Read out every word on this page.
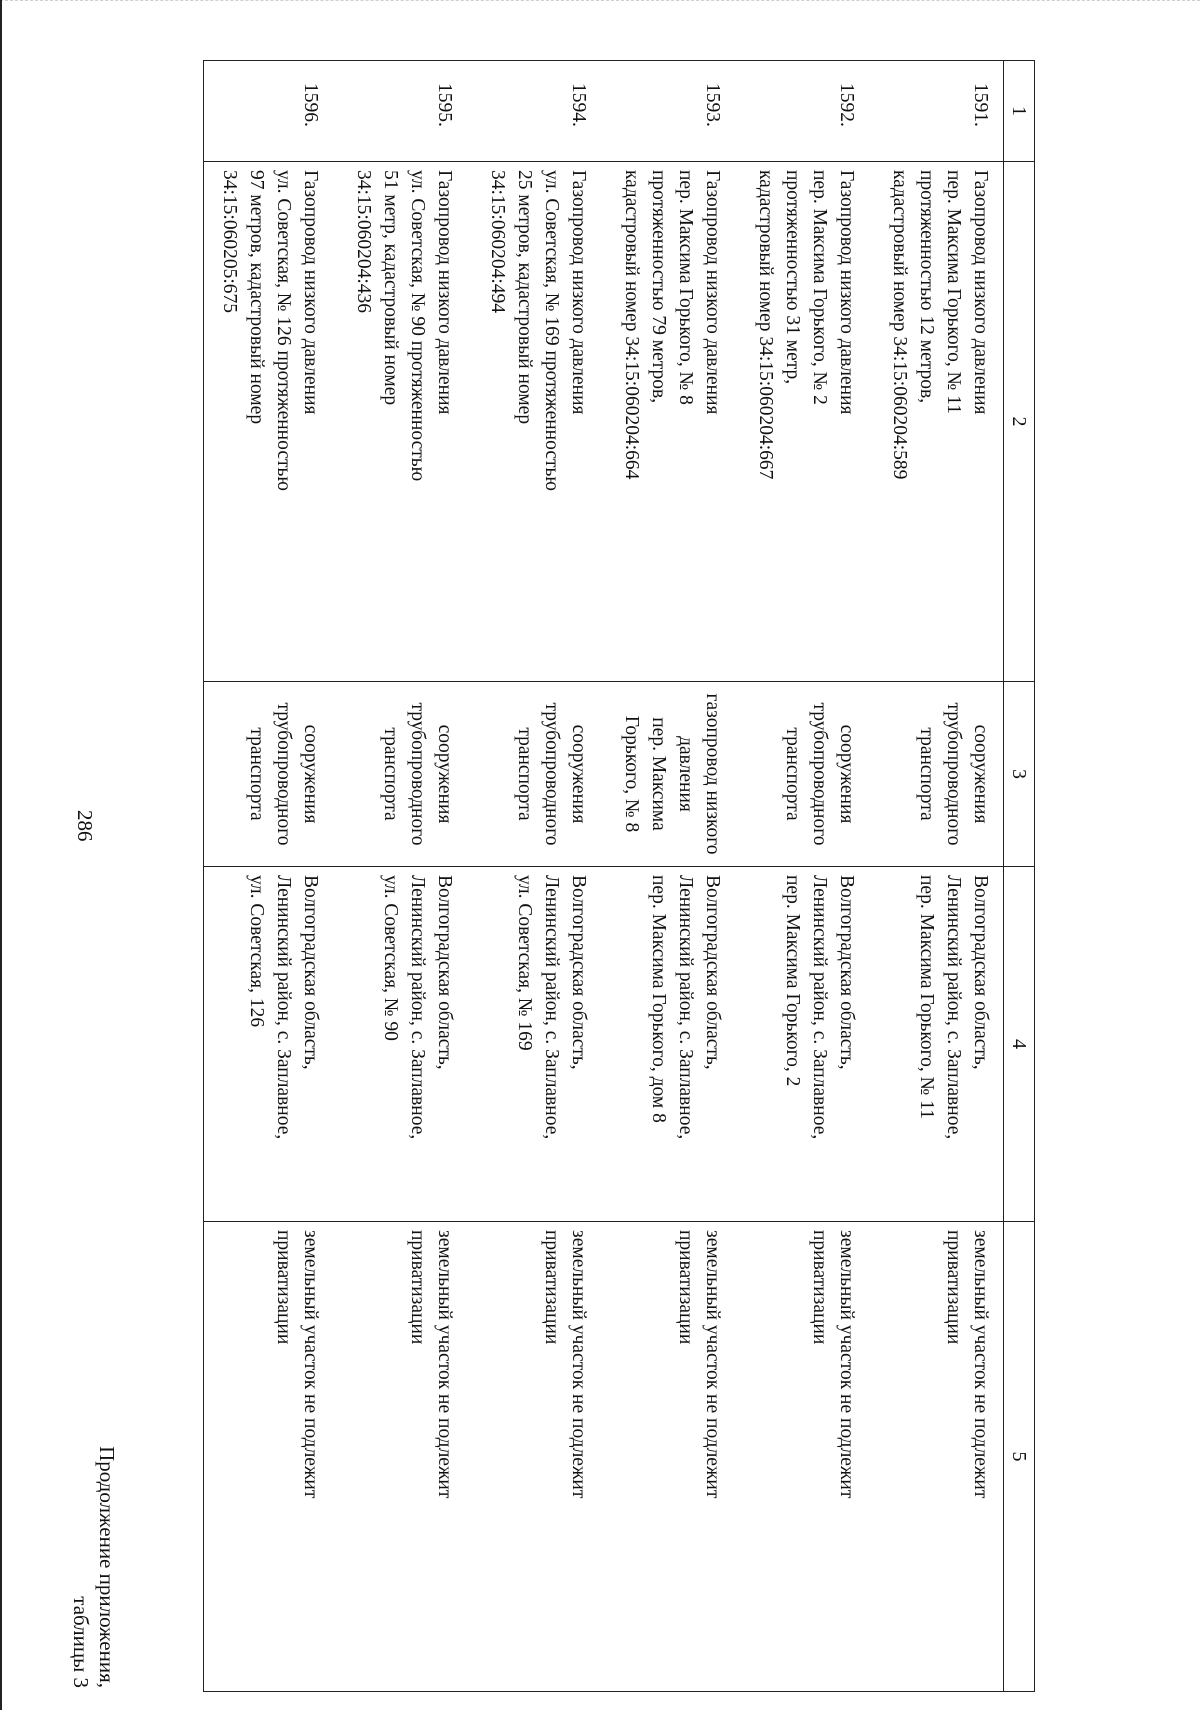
286
Продолжение приложения,
таблицы 3
1
1591.
1592.
1593.
1594.
1595.
1596.
2
Газопровод низкого давления
пер. Максима Горького, № 11
протяженностью 12 метров,
кадастровый номер 34:15:060204:589
Газопровод низкого давления
пер. Максима Горького, № 2
протяженностью 31 метр,
кадастровый номер 34:15:060204:667
Газопровод низкого давления
пер. Максима Горького, № 8
протяженностью 79 метров,
кадастровый номер 34:15:060204:664
Газопровод низкого давления
ул. Советская, № 169 протяженностью
25 метров, кадастровый номер
34:15:060204:494
Газопровод низкого давления
ул. Советская, № 90 протяженностью
51 метр, кадастровый номер
34:15:060204:436
Газопровод низкого давления
ул. Советская, № 126 протяженностью
97 метров, кадастровый номер
34:15:060205:675
3
сооружения
трубопроводного
транспорта
сооружения
трубопроводного
транспорта
газопровод низкого
давления
пер. Максима
Горького, № 8
сооружения
трубопроводного
транспорта
сооружения
трубопроводного
транспорта
сооружения
трубопроводного
транспорта
4
Волгоградская область,
Ленинский район, с. Заплавное,
пер. Максима Горького, № 11
Волгоградская область,
Ленинский район, с. Заплавное,
пер. Максима Горького, 2
Волгоградская область,
Ленинский район, с. Заплавное,
пер. Максима Горького, дом 8
Волгоградская область,
Ленинский район, с. Заплавное,
ул. Советская, № 169
Волгоградская область,
Ленинский район, с. Заплавное,
ул. Советская, № 90
Волгоградская область,
Ленинский район, с. Заплавное,
ул. Советская, 126
5
земельный участок не подлежит приватизации
земельный участок не подлежит приватизации
земельный участок не подлежит приватизации
земельный участок не подлежит приватизации
земельный участок не подлежит приватизации
земельный участок не подлежит приватизации
